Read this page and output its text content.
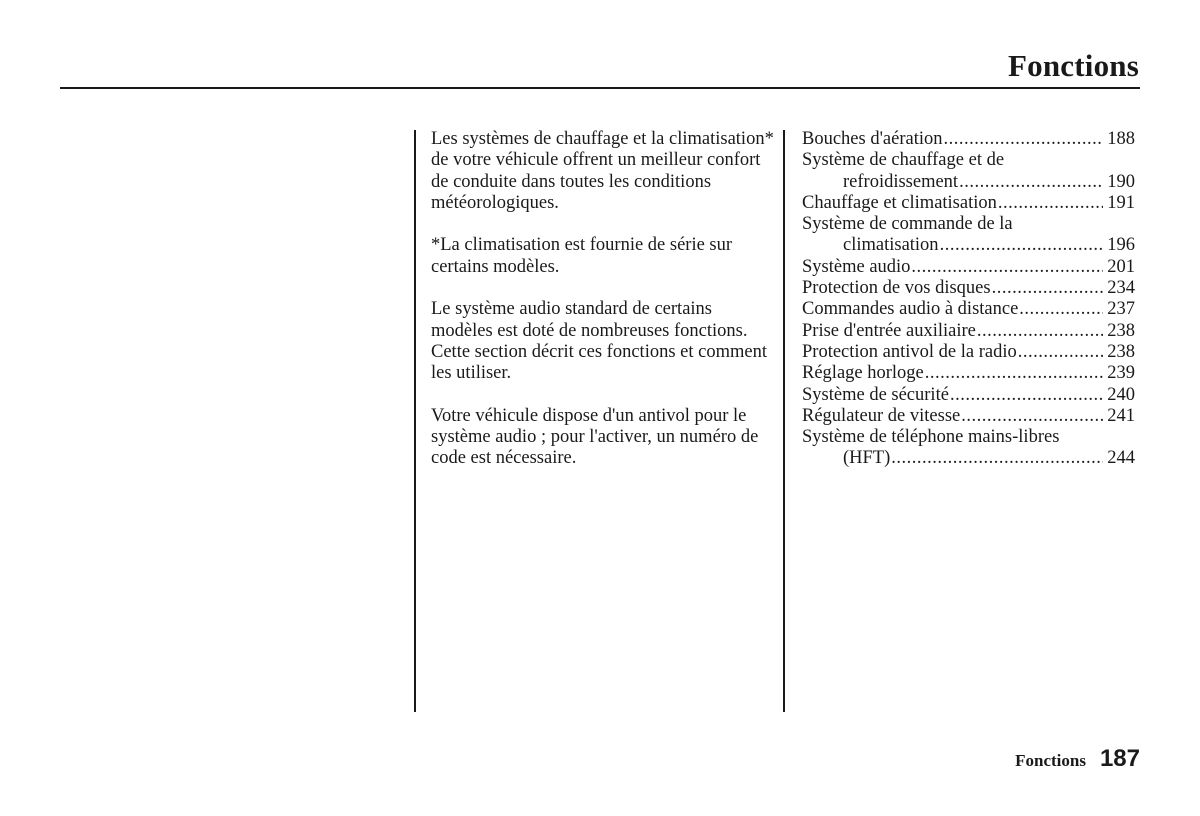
Fonctions

Les systèmes de chauffage et la climatisation* de votre véhicule offrent un meilleur confort de conduite dans toutes les conditions météorologiques.

*La climatisation est fournie de série sur certains modèles.

Le système audio standard de certains modèles est doté de nombreuses fonctions. Cette section décrit ces fonctions et comment les utiliser.

Votre véhicule dispose d'un antivol pour le système audio ; pour l'activer, un numéro de code est nécessaire.

Bouches d'aération .....	188
Système de chauffage et de
refroidissement .....	190
Chauffage et climatisation .....	191
Système de commande de la
climatisation .....	196
Système audio .....	201
Protection de vos disques .....	234
Commandes audio à distance .....	237
Prise d'entrée auxiliaire .....	238
Protection antivol de la radio .....	238
Réglage horloge .....	239
Système de sécurité .....	240
Régulateur de vitesse .....	241
Système de téléphone mains-libres
(HFT) .....	244
Fonctions 187
